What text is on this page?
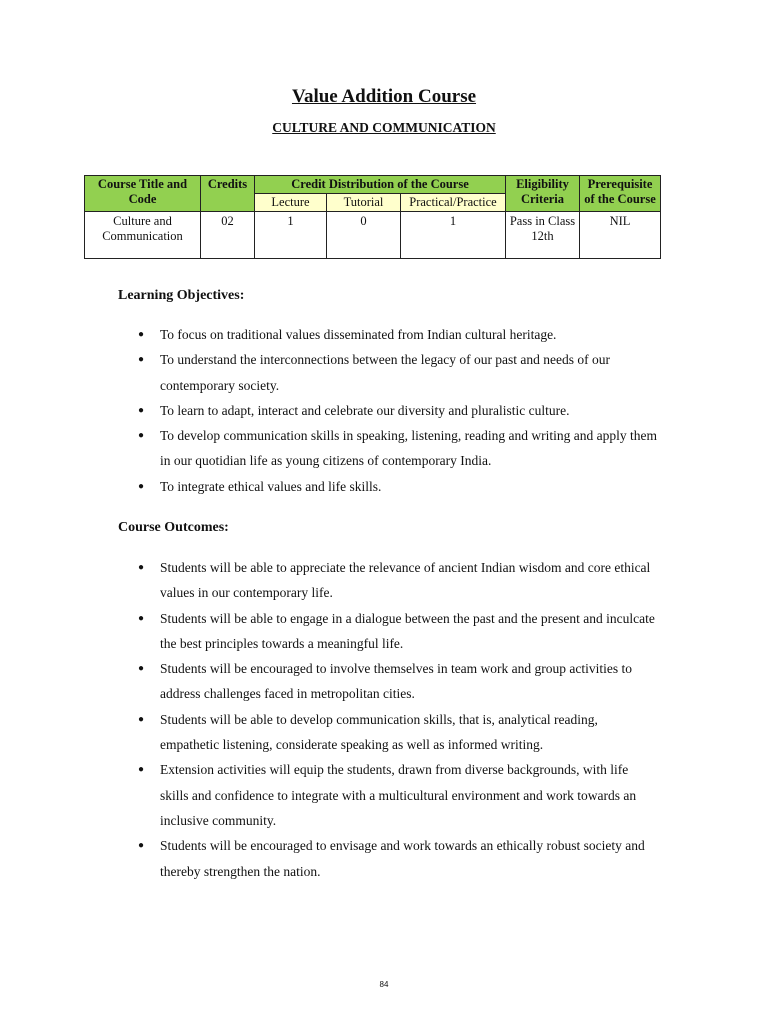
Value Addition Course
CULTURE AND COMMUNICATION
Course Title and Code	Credits	Credit Distribution of the Course			Eligibility Criteria	Prerequisite of the Course
		Lecture	Tutorial	Practical/Practice		
Culture and Communication	02	1	0	1	Pass in Class 12th	NIL
Learning Objectives:
● To focus on traditional values disseminated from Indian cultural heritage.
● To understand the interconnections between the legacy of our past and needs of our contemporary society.
● To learn to adapt, interact and celebrate our diversity and pluralistic culture.
● To develop communication skills in speaking, listening, reading and writing and apply them in our quotidian life as young citizens of contemporary India.
● To integrate ethical values and life skills.
Course Outcomes:
● Students will be able to appreciate the relevance of ancient Indian wisdom and core ethical values in our contemporary life.
● Students will be able to engage in a dialogue between the past and the present and inculcate the best principles towards a meaningful life.
● Students will be encouraged to involve themselves in team work and group activities to address challenges faced in metropolitan cities.
● Students will be able to develop communication skills, that is, analytical reading, empathetic listening, considerate speaking as well as informed writing.
● Extension activities will equip the students, drawn from diverse backgrounds, with life skills and confidence to integrate with a multicultural environment and work towards an inclusive community.
● Students will be encouraged to envisage and work towards an ethically robust society and thereby strengthen the nation.
84
